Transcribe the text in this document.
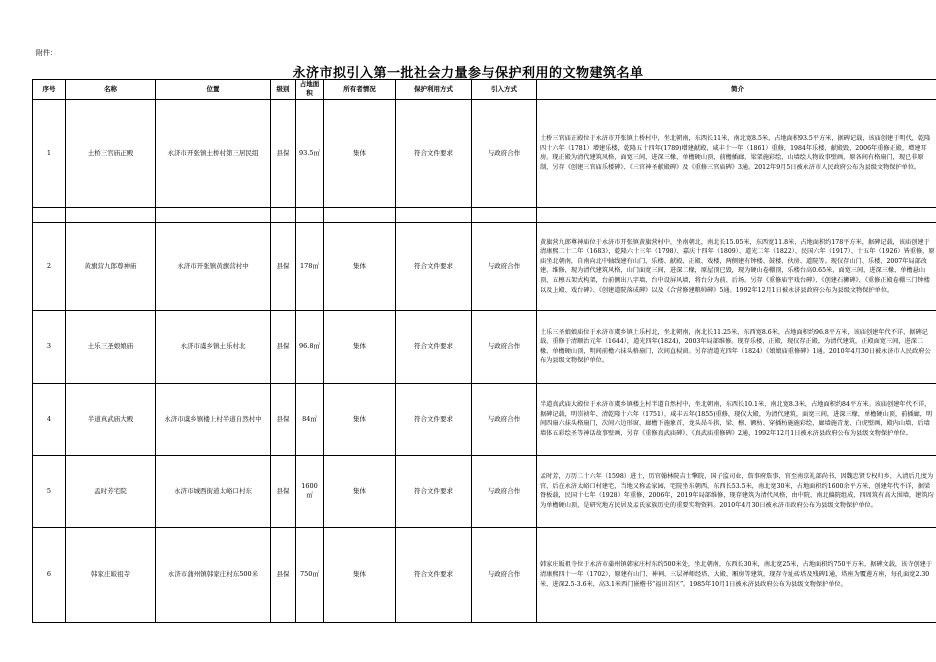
附件：
永济市拟引入第一批社会力量参与保护利用的文物建筑名单
序号	名称	位置	级别	占地面积	所有者情况	保护利用方式	引入方式	简介
1	土桥三官庙正殿	永济市开张镇土桥村第三居民组	县保	93.5㎡	集体	符合文件要求	与政府合作	土桥三官庙正殿位于永济市开张镇土桥村中，坐北朝南，东西长11米，南北宽8.5米，占地面积93.5平方米，据碑记载，该庙创建于明代，乾隆四十六年（1781）增建乐楼，乾隆五十四年(1789)增建献殿，咸丰十一年（1861）重修，1984年乐楼、献殿毁，2006年重修正殿，增建耳房。现正殿为清代建筑风格，面宽三间，进深三椽，单檐硬山顶，前檐插廊，梁架施彩绘，山墙绘人物故事壁画，原各间有格扇门，现已非原制，另存《创建三官庙乐楼碑》、《三官神圣献殿碑》及《重修三官庙碑》3通。2012年9月5日被永济市人民政府公布为县级文物保护单位。

2	黄旗营九郎尊神庙	永济市开张镇黄旗营村中	县保	178㎡	集体	符合文件要求	与政府合作	黄旗营九郎尊神庙位于永济市开张镇黄旗营村中，坐南朝北，南北长15.05米，东西宽11.8米，占地面积约178平方米，据碑记载，该庙创建于清康熙二十二年（1683），乾隆六十三年（1798）、嘉庆十四年（1809）、道光二年（1822）、民国六年（1917）、十五年（1926）皆重修，原庙坐北朝南，自南向北中轴线建有山门、乐楼、献殿、正殿、戏楼，两侧建有钟楼、鼓楼、伙房、道院等。现仅存山门、乐楼，2007年局部改建、维修，现为清代建筑风格，山门面宽三间，进深二椽，原屋顶已毁，现为硬山卷棚顶，乐楼台高0.65米，面宽三间，进深三椽，单檐悬山顶，五檩五架式构架，台前侧出八字墙，台中设屏风墙，将台分为前、后场。另存《重修庙宇戏台碑》、《创建石狮碑》、《重修正殿卷棚三门钟楼以及上殿、戏台碑》、《创建道院落成碑》以及《合营修建粮帅碑》5通。1992年12月1日被永济县政府公布为县级文物保护单位。
3	土乐三圣娘娘庙	永济市虞乡镇土乐村北	县保	96.8㎡	集体	符合文件要求	与政府合作	土乐三圣娘娘庙位于永济市虞乡镇土乐村北，坐北朝南，南北长11.25米，东西宽8.6米，占地面积约96.8平方米，该庙创建年代不详，据碑记载，重修于清顺治元年（1644），道光四年(1824)，2003年局部维修。现存乐楼，正殿，现仅存正殿，为清代建筑，正殿面宽三间，进深二椽，单檐硬山顶，明间前檐六抹头格扇门，次间直棂窗。另存清道光四年（1824）《娘娘庙重修碑》1通。2010年4月30日被永济市人民政府公布为县级文物保护单位。
4	半道真武庙大殿	永济市虞乡镇楼上村半道自然村中	县保	84㎡	集体	符合文件要求	与政府合作	半道真武庙大殿位于永济市虞乡镇楼上村半道自然村中，坐北朝南，东西长10.1米，南北宽8.3米，占地面积约84平方米。该庙创建年代不详，据碑记载，明崇祯年、清乾隆十六年（1751），咸丰五年(1855)重修，现仅大殿，为清代建筑，面宽三间，进深三椽，单檐硬山顶，前插廊，明间四扇六抹头格扇门，次间六边形窗，廊檐下施象首，龙头昂斗拱，梁、檩、额枋、穿插枋施施彩绘，廊墙施青龙、白虎壁画，殿内山墙、后墙墙体五彩绘圣等神话故事壁画，另存《重修真武庙碑》、《真武庙重修碑》2通，1992年12月1日被永济县政府公布为县级文物保护单位。
5	孟时芳宅院	永济市城西街道太峪口村东	县保	1600㎡	集体	符合文件要求	与政府合作	孟时芳，万历二十六年（1598）进士，历官翰林院吉士擎院，国子监司业，詹事府詹事，官至南京礼部尚书，因魏忠贤专权归乡，入清后几度为官，后在永济太峪口村建宅，当地又称孟家园，宅院坐东朝西，东西长53.5米，南北宽30米，占地面积约1600余平方米，创建年代不详，据梁脊板载，民国十七年（1928）年重修，2006年，2019年局部维修，现存建筑为清代风格，由中院、南北偏院组成，四周筑有高大围墙，建筑均为单檐硬山顶，是研究地方民居及孟氏家族历史的重要实物资料。2010年4月30日被永济市政府公布为县级文物保护单位。
6	韩家庄皈祖寺	永济市蒲州镇韩家庄村东500米	县保	750㎡	集体	符合文件要求	与政府合作	韩家庄皈祖寺位于永济市蒲州镇韩家庄村东约500米处，坐北朝南，东西长30米，南北宽25米，占地面积约750平方米，据碑文载，该寺创建于清康熙四十一年（1702），原建有山门、神祠、三层禅师经塔、大殿、厢房等建筑，现存寺址砖塔及残碑1通，塔座为覆莲方座，每孔面宽2.30米，进深2.5-3.6米，高3.1米西门嵌楷书“福田首区”。1985年10月1日被永济县政府公布为县级文物保护单位。
